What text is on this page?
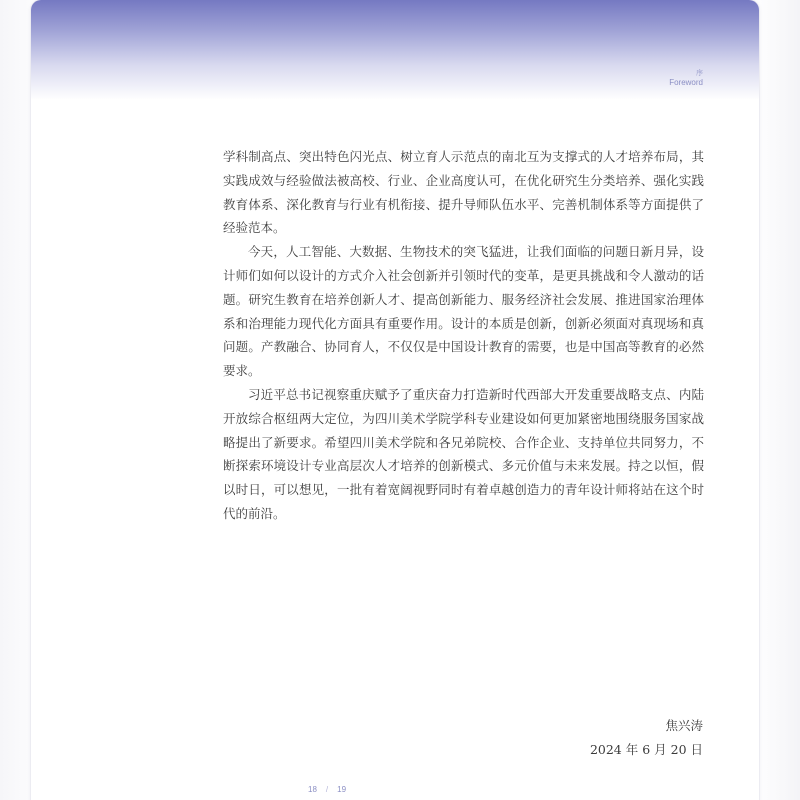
序
Foreword

学科制高点、突出特色闪光点、树立育人示范点的南北互为支撑式的人才培养布局，其实践成效与经验做法被高校、行业、企业高度认可，在优化研究生分类培养、强化实践教育体系、深化教育与行业有机衔接、提升导师队伍水平、完善机制体系等方面提供了经验范本。

今天，人工智能、大数据、生物技术的突飞猛进，让我们面临的问题日新月异，设计师们如何以设计的方式介入社会创新并引领时代的变革，是更具挑战和令人激动的话题。研究生教育在培养创新人才、提高创新能力、服务经济社会发展、推进国家治理体系和治理能力现代化方面具有重要作用。设计的本质是创新，创新必须面对真现场和真问题。产教融合、协同育人，不仅仅是中国设计教育的需要，也是中国高等教育的必然要求。

习近平总书记视察重庆赋予了重庆奋力打造新时代西部大开发重要战略支点、内陆开放综合枢纽两大定位，为四川美术学院学科专业建设如何更加紧密地围绕服务国家战略提出了新要求。希望四川美术学院和各兄弟院校、合作企业、支持单位共同努力，不断探索环境设计专业高层次人才培养的创新模式、多元价值与未来发展。持之以恒，假以时日，可以想见，一批有着宽阔视野同时有着卓越创造力的青年设计师将站在这个时代的前沿。

焦兴涛
2024 年 6 月 20 日
18 / 19
